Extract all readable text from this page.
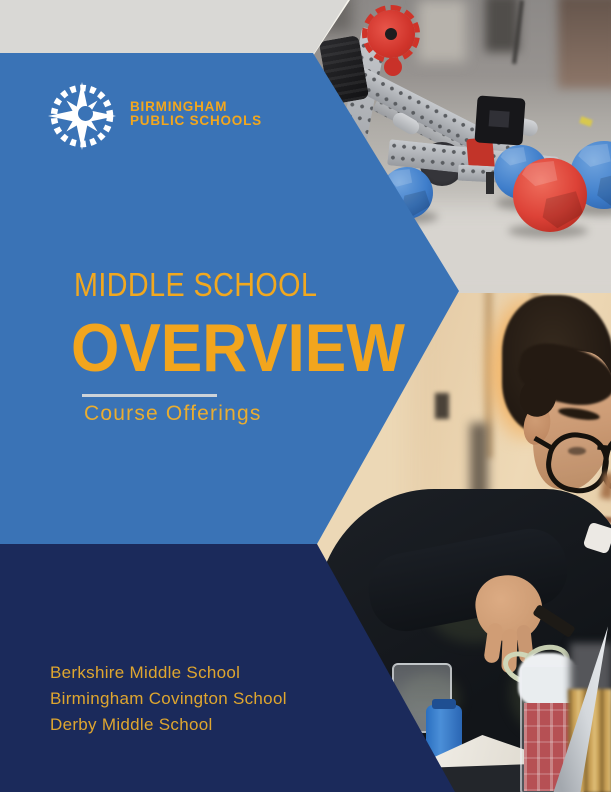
BIRMINGHAM
PUBLIC SCHOOLS
MIDDLE SCHOOL
OVERVIEW
Course Offerings
Berkshire Middle School
Birmingham Covington School
Derby Middle School
